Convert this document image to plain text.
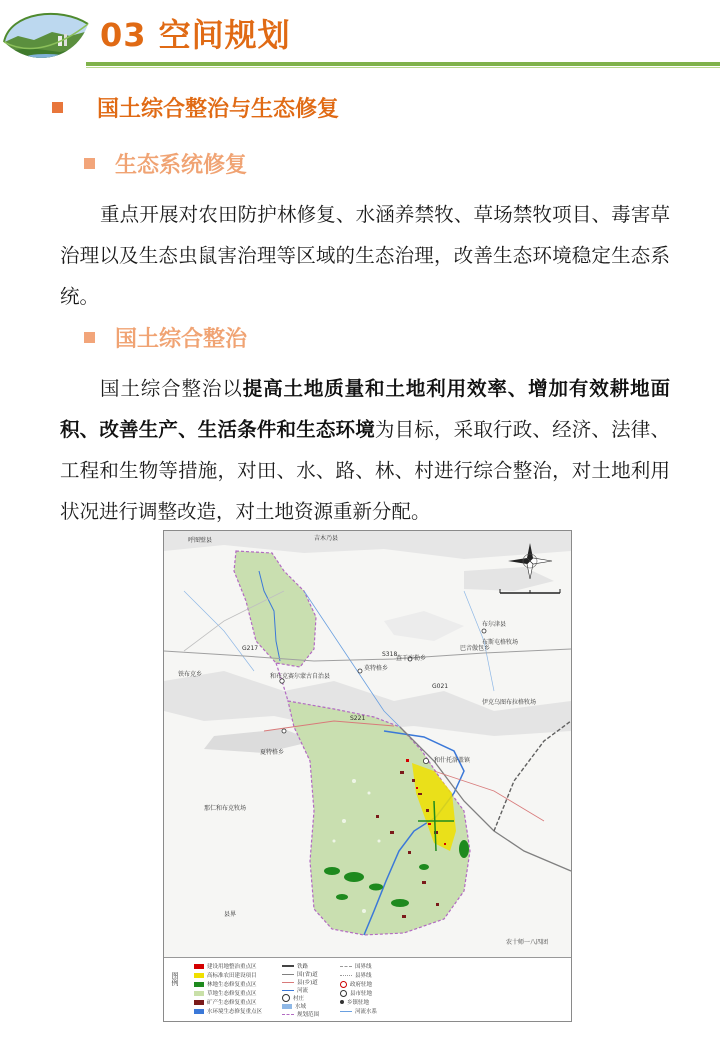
03 空间规划
国土综合整治与生态修复
生态系统修复
重点开展对农田防护林修复、水涵养禁牧、草场禁牧项目、毒害草治理以及生态虫鼠害治理等区域的生态治理，改善生态环境稳定生态系统。
国土综合整治
国土综合整治以提高土地质量和土地利用效率、增加有效耕地面积、改善生产、生活条件和生态环境为目标，采取行政、经济、法律、工程和生物等措施，对田、水、路、林、村进行综合整治，对土地利用状况进行调整改造，对土地资源重新分配。
呼图壁县	吉木乃县
布尔津县
铁布克乡	和布克赛尔蒙古自治县
莫特格乡
查干库勒乡
巴音傲包乡
布斯屯格牧场
伊克乌图布拉格牧场
夏特格乡
那仁和布克牧场
和什托洛盖镇
县界
农十师一八四团
G217
S318
S221
G021
图例
建设用地整治重点区
高标准农田建设项目
林地生态修复重点区
草地生态修复重点区
矿产生态修复重点区
水环境生态修复重点区
铁路
国(省)道
县(乡)道
河流
村庄
水域
规划范围
国界线
县界线
政府驻地
县市驻地
乡镇驻地
河流水系
